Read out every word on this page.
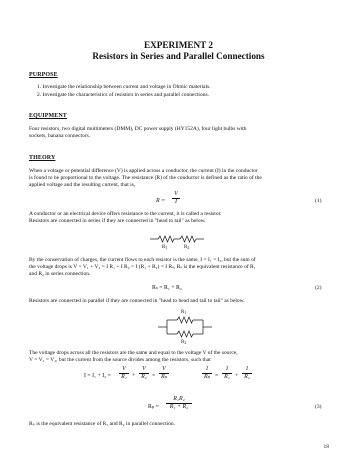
EXPERIMENT 2
Resistors in Series and Parallel Connections
PURPOSE
1. Investigate the relationship between current and voltage in Ohmic materials.
2. Investigate the characteristics of resistors in series and parallel connections.
EQUIPMENT
Four resistors, two digital multimeters (DMM), DC power supply (HY152A), four light bulbs with
sockets, banana connectors.
THEORY
When a voltage or potential difference (V) is applied across a conductor, the current (I) in the conductor
is found to be proportional to the voltage. The resistance (R) of the conductor is defined as the ratio of the
applied voltage and the resulting current, that is,
R =
V
I	(1)
A conductor or an electrical device offers resistance to the current, it is called a resistor.
Resistors are connected in series if they are connected in "head to tail" as below.
$R_1$	$R_2$
By the conservation of charges, the current flows to each resistor is the same, I = I₁ = I₂, but the sum of
the voltage drops is V = V₁ + V₂ = I R₁ + I R₂ = I (R₁ + R₂) = I Rₛ, Rₛ is the equivalent resistance of R₁
and R₂ in series connection.
Rₛ = R₁ + R₂	(2)
Resistors are connected in parallel if they are connected in "head to head and tail to tail" as below.
$R_1$
$R_2$
The voltage drops across all the resistors are the same and equal to the voltage V of the source,
V = V₁ = V₂, but the current from the source divides among the resistors, such that
I = I₁ + I₂ =
V
R₁ +
V
R₂ =
V
Rₚ
1
Rₚ =
1
R₁ +
1
R₂
Rₚ =
R₁R₂
R₁ + R₂	(3)
Rₚ is the equivalent resistance of R₁ and R₂ in parallel connection.
18
